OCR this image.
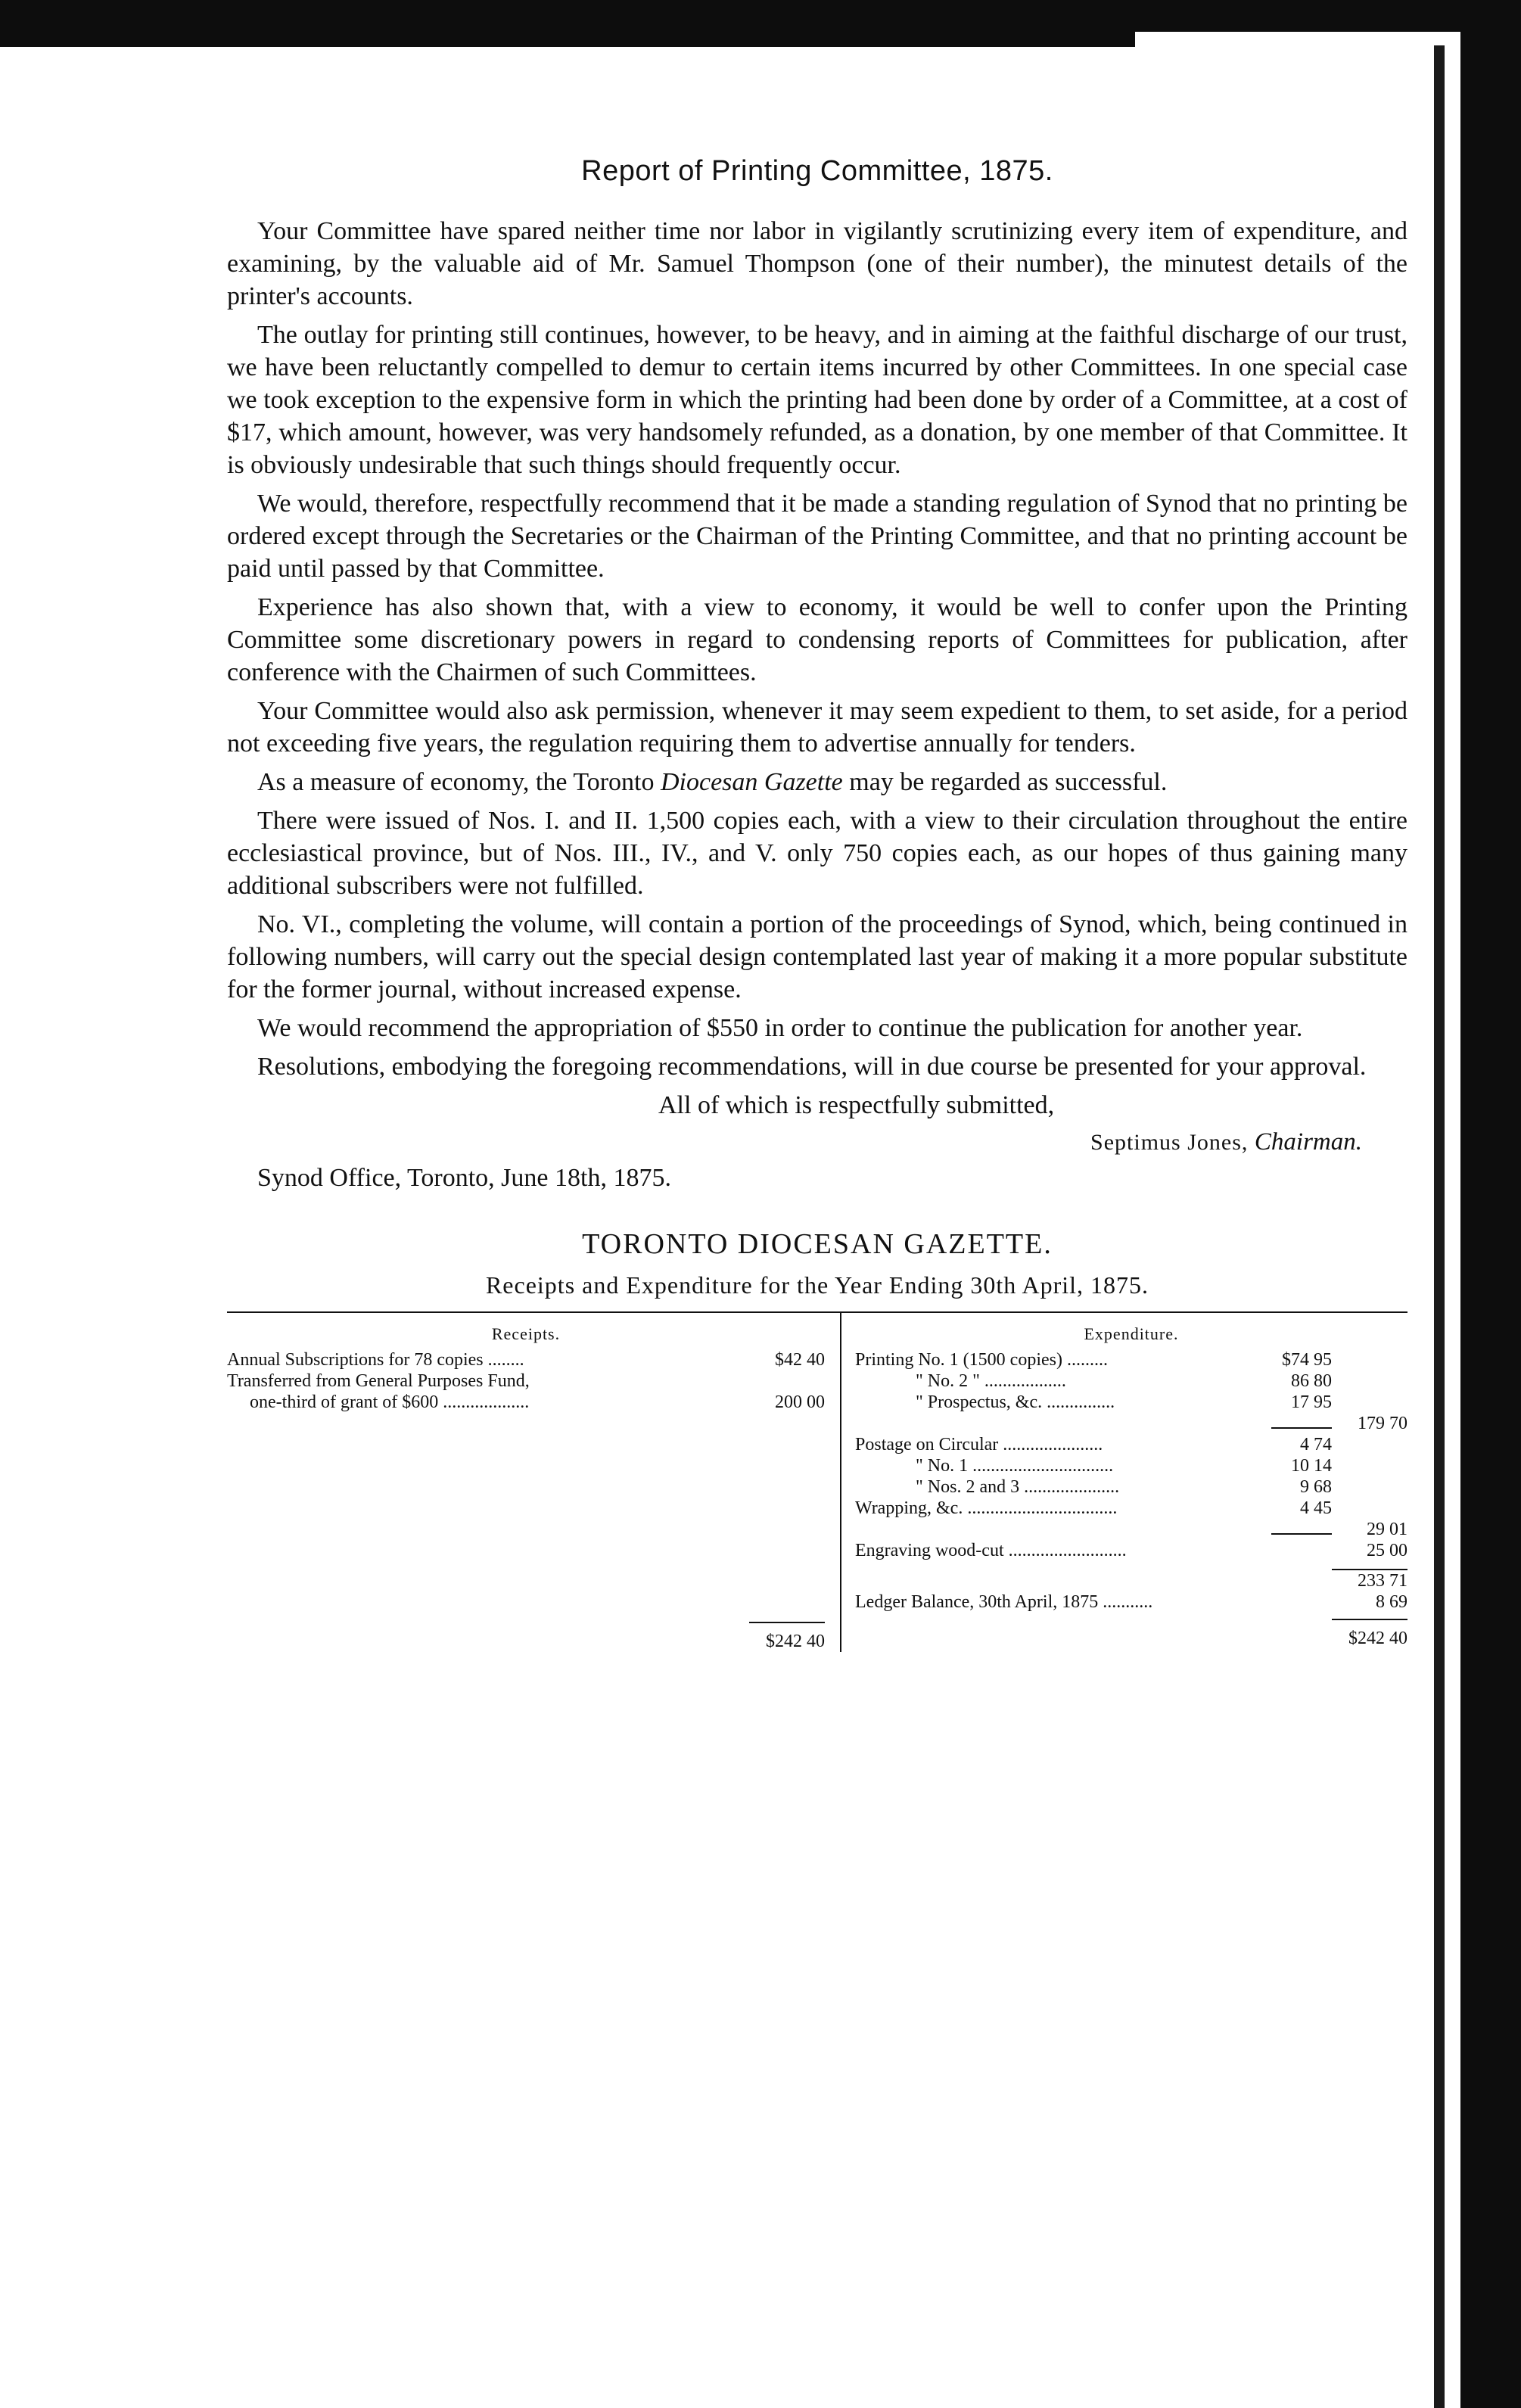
Report of Printing Committee, 1875.

Your Committee have spared neither time nor labor in vigilantly scrutinizing every item of expenditure, and examining, by the valuable aid of Mr. Samuel Thompson (one of their number), the minutest details of the printer's accounts.

The outlay for printing still continues, however, to be heavy, and in aiming at the faithful discharge of our trust, we have been reluctantly compelled to demur to certain items incurred by other Committees. In one special case we took exception to the expensive form in which the printing had been done by order of a Committee, at a cost of $17, which amount, however, was very handsomely refunded, as a donation, by one member of that Committee. It is obviously undesirable that such things should frequently occur.

We would, therefore, respectfully recommend that it be made a standing regulation of Synod that no printing be ordered except through the Secretaries or the Chairman of the Printing Committee, and that no printing account be paid until passed by that Committee.

Experience has also shown that, with a view to economy, it would be well to confer upon the Printing Committee some discretionary powers in regard to condensing reports of Committees for publication, after conference with the Chairmen of such Committees.

Your Committee would also ask permission, whenever it may seem expedient to them, to set aside, for a period not exceeding five years, the regulation requiring them to advertise annually for tenders.

As a measure of economy, the Toronto Diocesan Gazette may be regarded as successful.

There were issued of Nos. I. and II. 1,500 copies each, with a view to their circulation throughout the entire ecclesiastical province, but of Nos. III., IV., and V. only 750 copies each, as our hopes of thus gaining many additional subscribers were not fulfilled.

No. VI., completing the volume, will contain a portion of the proceedings of Synod, which, being continued in following numbers, will carry out the special design contemplated last year of making it a more popular substitute for the former journal, without increased expense.

We would recommend the appropriation of $550 in order to continue the publication for another year.

Resolutions, embodying the foregoing recommendations, will in due course be presented for your approval.

All of which is respectfully submitted,

Septimus Jones, Chairman.

Synod Office, Toronto, June 18th, 1875.

TORONTO DIOCESAN GAZETTE.
Receipts and Expenditure for the Year Ending 30th April, 1875.
Receipts.
Annual Subscriptions for 78 copies ........	$42 40
Transferred from General Purposes Fund,
one-third of grant of $600 ...................	200 00
$242 40
Expenditure.
Printing No. 1 (1500 copies) .........	$74 95
" No. 2 " ..................	86 80
" Prospectus, &c. ...............	17 95
179 70
Postage on Circular ......................	4 74
" No. 1 ...............................	10 14
" Nos. 2 and 3 .....................	9 68
Wrapping, &c. .................................	4 45
29 01
Engraving wood-cut ..........................	25 00
233 71
Ledger Balance, 30th April, 1875 ...........	8 69
$242 40
